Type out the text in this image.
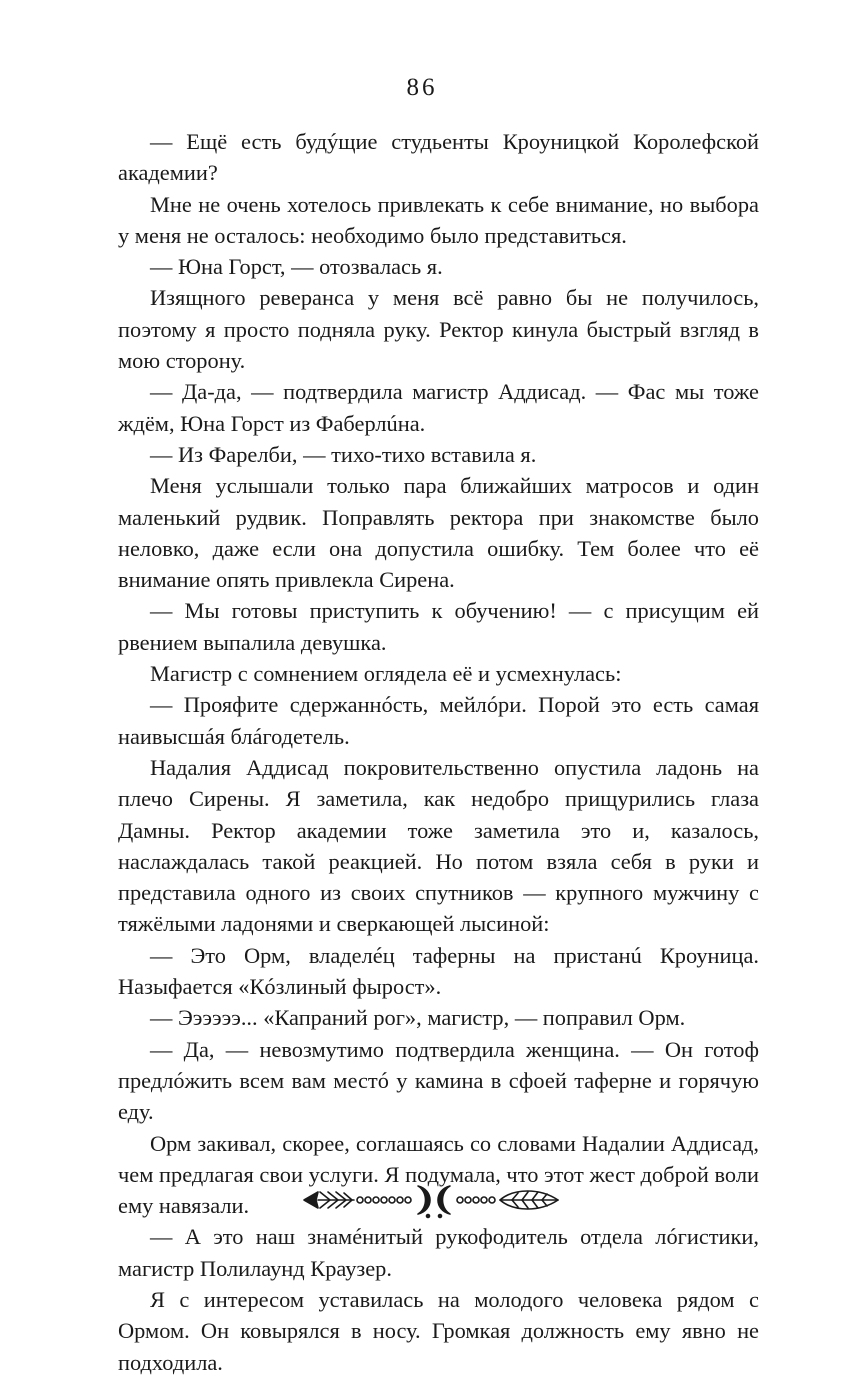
86

— Ещё есть будýщие студьенты Кроуницкой Королефской академии?

Мне не очень хотелось привлекать к себе внимание, но выбора у меня не осталось: необходимо было представиться.

— Юна Горст, — отозвалась я.

Изящного реверанса у меня всё равно бы не получилось, поэтому я просто подняла руку. Ректор кинула быстрый взгляд в мою сторону.

— Да-да, — подтвердила магистр Аддисад. — Фас мы тоже ждём, Юна Горст из Фаберлúна.

— Из Фарелби, — тихо-тихо вставила я.

Меня услышали только пара ближайших матросов и один маленький рудвик. Поправлять ректора при знакомстве было неловко, даже если она допустила ошибку. Тем более что её внимание опять привлекла Сирена.

— Мы готовы приступить к обучению! — с присущим ей рвением выпалила девушка.

Магистр с сомнением оглядела её и усмехнулась:

— Прояфите сдержаннóсть, мейлóри. Порой это есть самая наивысшáя блáгодетель.

Надалия Аддисад покровительственно опустила ладонь на плечо Сирены. Я заметила, как недобро прищурились глаза Дамны. Ректор академии тоже заметила это и, казалось, наслаждалась такой реакцией. Но потом взяла себя в руки и представила одного из своих спутников — крупного мужчину с тяжёлыми ладонями и сверкающей лысиной:

— Это Орм, владелéц таферны на пристанú Кроуница. Назыфается «Кóзлиный фырост».

— Ээээээ... «Капраний рог», магистр, — поправил Орм.

— Да, — невозмутимо подтвердила женщина. — Он готоф предлóжить всем вам местó у камина в сфоей таферне и горячую еду.

Орм закивал, скорее, соглашаясь со словами Надалии Аддисад, чем предлагая свои услуги. Я подумала, что этот жест доброй воли ему навязали.

— А это наш знамéнитый рукофодитель отдела лóгистики, магистр Полилаунд Краузер.

Я с интересом уставилась на молодого человека рядом с Ормом. Он ковырялся в носу. Громкая должность ему явно не подходила.
